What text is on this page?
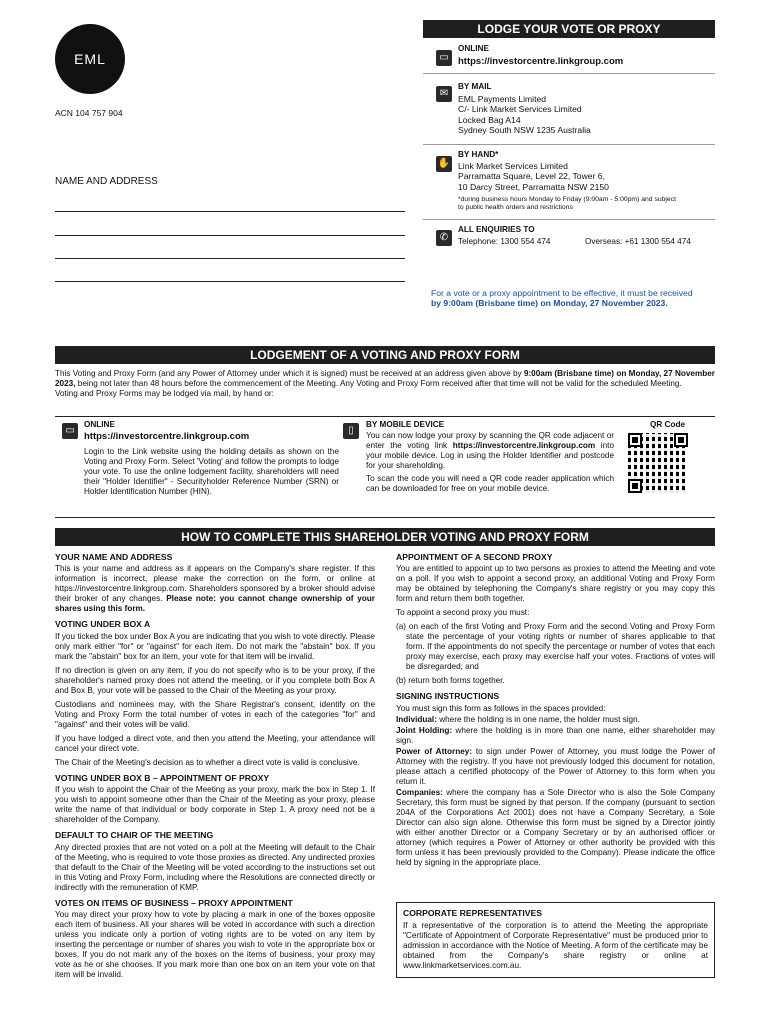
EML
ACN 104 757 904
NAME AND ADDRESS
LODGE YOUR VOTE OR PROXY
▭
ONLINE
https://investorcentre.linkgroup.com
✉
BY MAIL
EML Payments Limited
C/- Link Market Services Limited
Locked Bag A14
Sydney South NSW 1235 Australia
✋
BY HAND*
Link Market Services Limited
Parramatta Square, Level 22, Tower 6,
10 Darcy Street, Parramatta NSW 2150
*during business hours Monday to Friday (9:00am - 5:00pm) and subject
to public health orders and restrictions
✆
ALL ENQUIRIES TO
Telephone: 1300 554 474	Overseas: +61 1300 554 474
For a vote or a proxy appointment to be effective, it must be received
by 9:00am (Brisbane time) on Monday, 27 November 2023.
LODGEMENT OF A VOTING AND PROXY FORM

This Voting and Proxy Form (and any Power of Attorney under which it is signed) must be received at an address given above by 9:00am (Brisbane time) on Monday, 27 November 2023, being not later than 48 hours before the commencement of the Meeting. Any Voting and Proxy Form received after that time will not be valid for the scheduled Meeting.

Voting and Proxy Forms may be lodged via mail, by hand or:

▭
ONLINE
https://investorcentre.linkgroup.com
Login to the Link website using the holding details as shown on the Voting and Proxy Form. Select 'Voting' and follow the prompts to lodge your vote. To use the online lodgement facility, shareholders will need their "Holder Identifier" - Securityholder Reference Number (SRN) or Holder Identification Number (HIN).
▯
BY MOBILE DEVICE

You can now lodge your proxy by scanning the QR code adjacent or enter the voting link https://investorcentre.linkgroup.com into your mobile device. Log in using the Holder Identifier and postcode for your shareholding.

To scan the code you will need a QR code reader application which can be downloaded for free on your mobile device.

QR Code
HOW TO COMPLETE THIS SHAREHOLDER VOTING AND PROXY FORM
YOUR NAME AND ADDRESS

This is your name and address as it appears on the Company's share register. If this information is incorrect, please make the correction on the form, or online at https://investorcentre.linkgroup.com. Shareholders sponsored by a broker should advise their broker of any changes. Please note: you cannot change ownership of your shares using this form.

VOTING UNDER BOX A

If you ticked the box under Box A you are indicating that you wish to vote directly. Please only mark either "for" or "against" for each item. Do not mark the "abstain" box. If you mark the "abstain" box for an item, your vote for that item will be invalid.

If no direction is given on any item, if you do not specify who is to be your proxy, if the shareholder's named proxy does not attend the meeting, or if you complete both Box A and Box B, your vote will be passed to the Chair of the Meeting as your proxy.

Custodians and nominees may, with the Share Registrar's consent, identify on the Voting and Proxy Form the total number of votes in each of the categories "for" and "against" and their votes will be valid.

If you have lodged a direct vote, and then you attend the Meeting, your attendance will cancel your direct vote.

The Chair of the Meeting's decision as to whether a direct vote is valid is conclusive.

VOTING UNDER BOX B – APPOINTMENT OF PROXY

If you wish to appoint the Chair of the Meeting as your proxy, mark the box in Step 1. If you wish to appoint someone other than the Chair of the Meeting as your proxy, please write the name of that individual or body corporate in Step 1. A proxy need not be a shareholder of the Company.

DEFAULT TO CHAIR OF THE MEETING

Any directed proxies that are not voted on a poll at the Meeting will default to the Chair of the Meeting, who is required to vote those proxies as directed. Any undirected proxies that default to the Chair of the Meeting will be voted according to the instructions set out in this Voting and Proxy Form, including where the Resolutions are connected directly or indirectly with the remuneration of KMP.

VOTES ON ITEMS OF BUSINESS – PROXY APPOINTMENT

You may direct your proxy how to vote by placing a mark in one of the boxes opposite each item of business. All your shares will be voted in accordance with such a direction unless you indicate only a portion of voting rights are to be voted on any item by inserting the percentage or number of shares you wish to vote in the appropriate box or boxes. If you do not mark any of the boxes on the items of business, your proxy may vote as he or she chooses. If you mark more than one box on an item your vote on that item will be invalid.

APPOINTMENT OF A SECOND PROXY

You are entitled to appoint up to two persons as proxies to attend the Meeting and vote on a poll. If you wish to appoint a second proxy, an additional Voting and Proxy Form may be obtained by telephoning the Company's share registry or you may copy this form and return them both together.

To appoint a second proxy you must:

(a) on each of the first Voting and Proxy Form and the second Voting and Proxy Form state the percentage of your voting rights or number of shares applicable to that form. If the appointments do not specify the percentage or number of votes that each proxy may exercise, each proxy may exercise half your votes. Fractions of votes will be disregarded; and

(b) return both forms together.

SIGNING INSTRUCTIONS

You must sign this form as follows in the spaces provided:

Individual: where the holding is in one name, the holder must sign.

Joint Holding: where the holding is in more than one name, either shareholder may sign.

Power of Attorney: to sign under Power of Attorney, you must lodge the Power of Attorney with the registry. If you have not previously lodged this document for notation, please attach a certified photocopy of the Power of Attorney to this form when you return it.

Companies: where the company has a Sole Director who is also the Sole Company Secretary, this form must be signed by that person. If the company (pursuant to section 204A of the Corporations Act 2001) does not have a Company Secretary, a Sole Director can also sign alone. Otherwise this form must be signed by a Director jointly with either another Director or a Company Secretary or by an authorised officer or attorney (which requires a Power of Attorney or other authority be provided with this form unless it has been previously provided to the Company). Please indicate the office held by signing in the appropriate place.

CORPORATE REPRESENTATIVES

If a representative of the corporation is to attend the Meeting the appropriate "Certificate of Appointment of Corporate Representative" must be produced prior to admission in accordance with the Notice of Meeting. A form of the certificate may be obtained from the Company's share registry or online at www.linkmarketservices.com.au.
